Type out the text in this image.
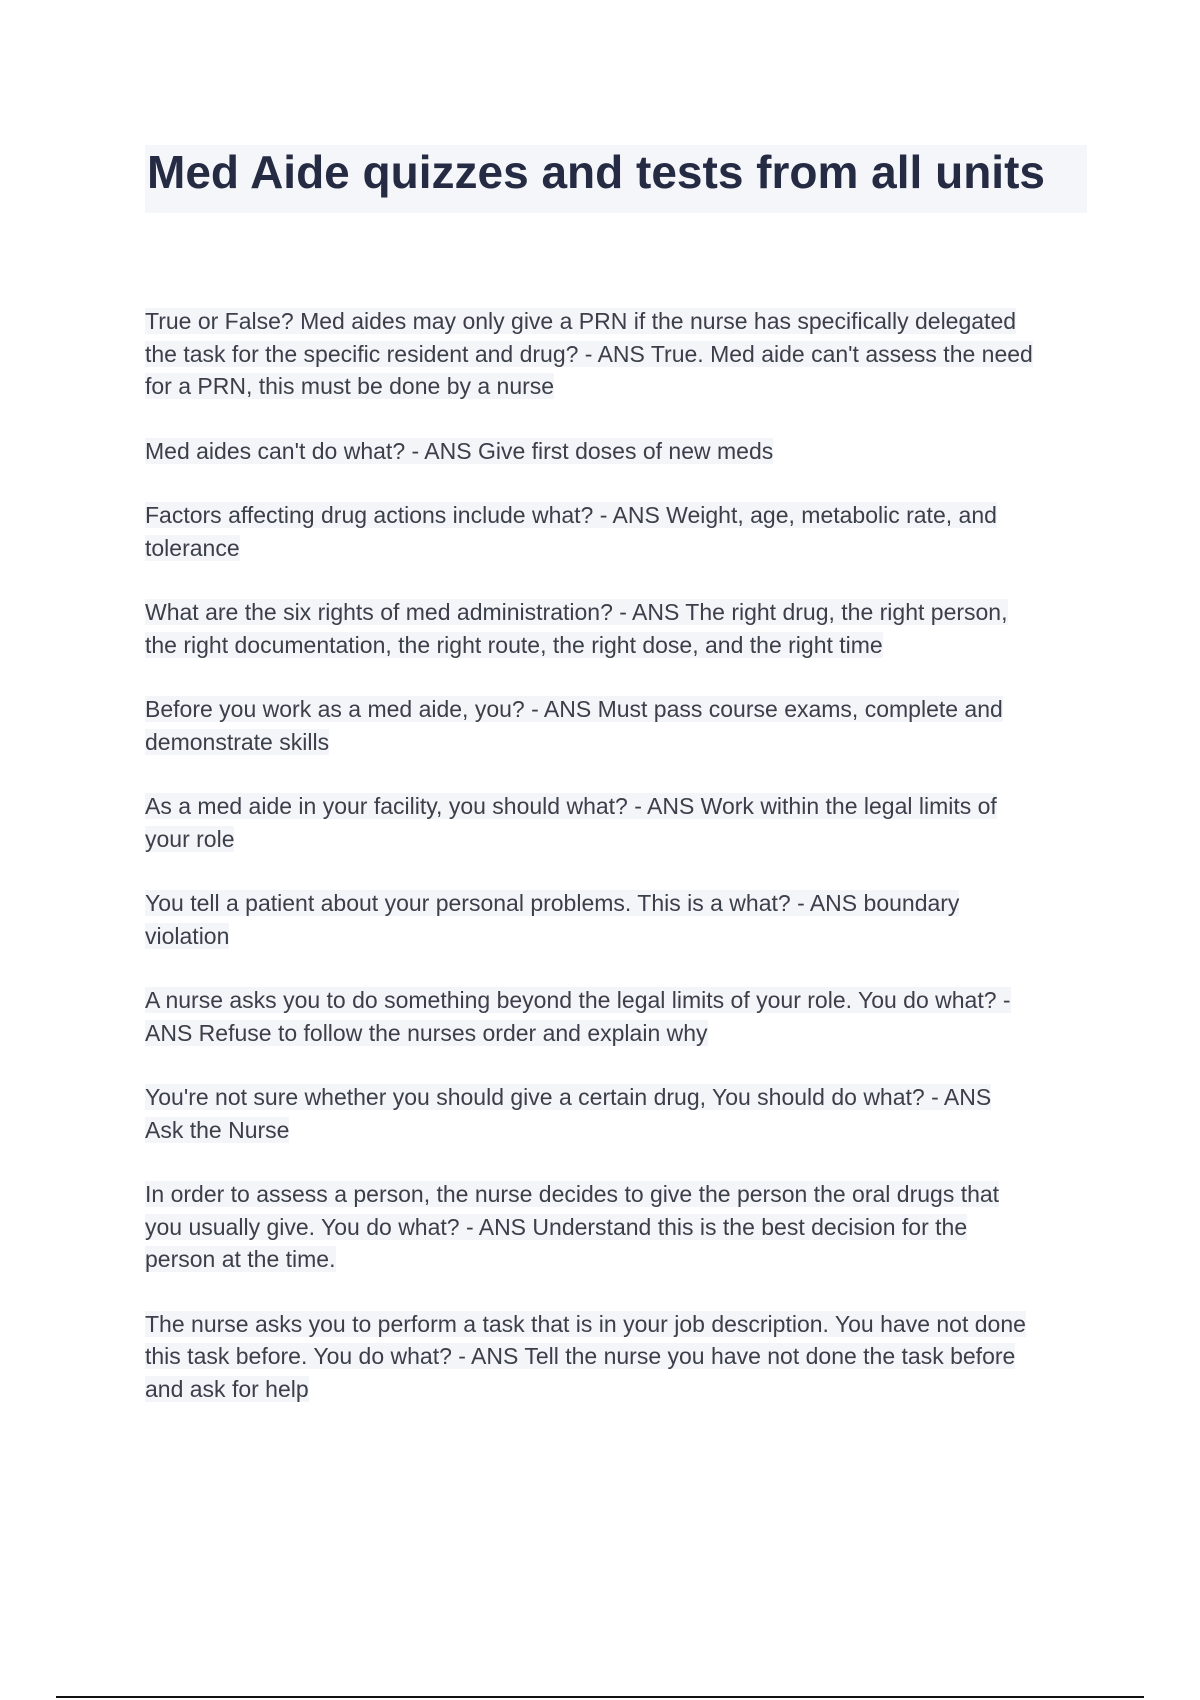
Med Aide quizzes and tests from all units
True or False? Med aides may only give a PRN if the nurse has specifically delegated
the task for the specific resident and drug? - ANS True. Med aide can't assess the need
for a PRN, this must be done by a nurse
Med aides can't do what? - ANS Give first doses of new meds
Factors affecting drug actions include what? - ANS Weight, age, metabolic rate, and
tolerance
What are the six rights of med administration? - ANS The right drug, the right person,
the right documentation, the right route, the right dose, and the right time
Before you work as a med aide, you? - ANS Must pass course exams, complete and
demonstrate skills
As a med aide in your facility, you should what? - ANS Work within the legal limits of
your role
You tell a patient about your personal problems. This is a what? - ANS boundary
violation
A nurse asks you to do something beyond the legal limits of your role. You do what? -
ANS Refuse to follow the nurses order and explain why
You're not sure whether you should give a certain drug, You should do what? - ANS
Ask the Nurse
In order to assess a person, the nurse decides to give the person the oral drugs that
you usually give. You do what? - ANS Understand this is the best decision for the
person at the time.
The nurse asks you to perform a task that is in your job description. You have not done
this task before. You do what? - ANS Tell the nurse you have not done the task before
and ask for help
